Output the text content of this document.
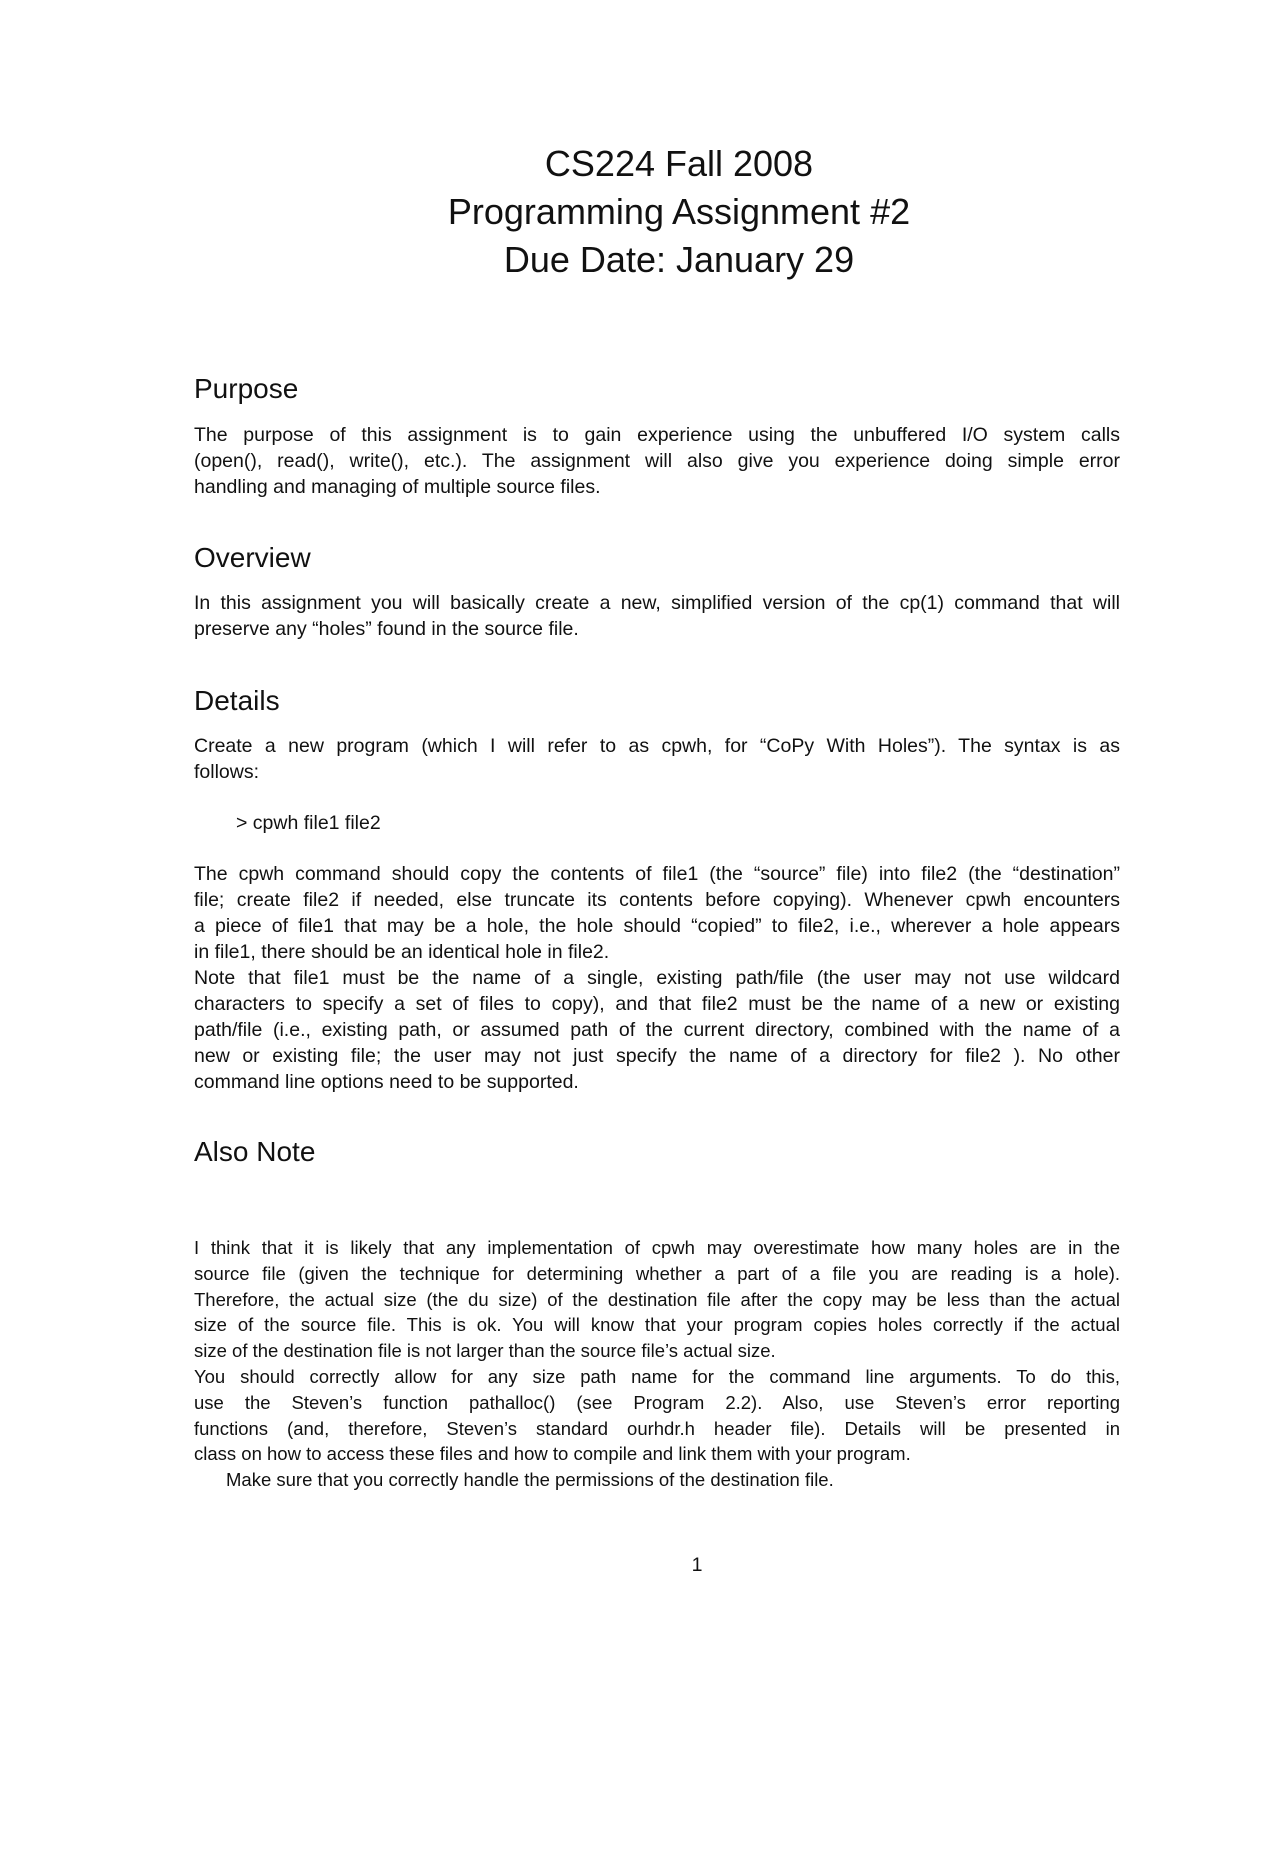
CS224 Fall 2008
Programming Assignment #2
Due Date: January 29
Purpose
The purpose of this assignment is to gain experience using the unbuffered I/O system calls
(open(), read(), write(), etc.). The assignment will also give you experience doing simple error
handling and managing of multiple source files.
Overview
In this assignment you will basically create a new, simplified version of the cp(1) command that will
preserve any “holes” found in the source file.
Details
Create a new program (which I will refer to as cpwh, for “CoPy With Holes”). The syntax is as
follows:
> cpwh file1 file2
The cpwh command should copy the contents of file1 (the “source” file) into file2 (the “destination”
file; create file2 if needed, else truncate its contents before copying). Whenever cpwh encounters
a piece of file1 that may be a hole, the hole should “copied” to file2, i.e., wherever a hole appears
in file1, there should be an identical hole in file2.
Note that file1 must be the name of a single, existing path/file (the user may not use wildcard
characters to specify a set of files to copy), and that file2 must be the name of a new or existing
path/file (i.e., existing path, or assumed path of the current directory, combined with the name of a
new or existing file; the user may not just specify the name of a directory for file2 ). No other
command line options need to be supported.
Also Note
I think that it is likely that any implementation of cpwh may overestimate how many holes are in the
source file (given the technique for determining whether a part of a file you are reading is a hole).
Therefore, the actual size (the du size) of the destination file after the copy may be less than the actual
size of the source file. This is ok. You will know that your program copies holes correctly if the actual
size of the destination file is not larger than the source file’s actual size.
You should correctly allow for any size path name for the command line arguments. To do this,
use the Steven’s function pathalloc() (see Program 2.2). Also, use Steven’s error reporting
functions (and, therefore, Steven’s standard ourhdr.h header file). Details will be presented in
class on how to access these files and how to compile and link them with your program.
Make sure that you correctly handle the permissions of the destination file.
1
